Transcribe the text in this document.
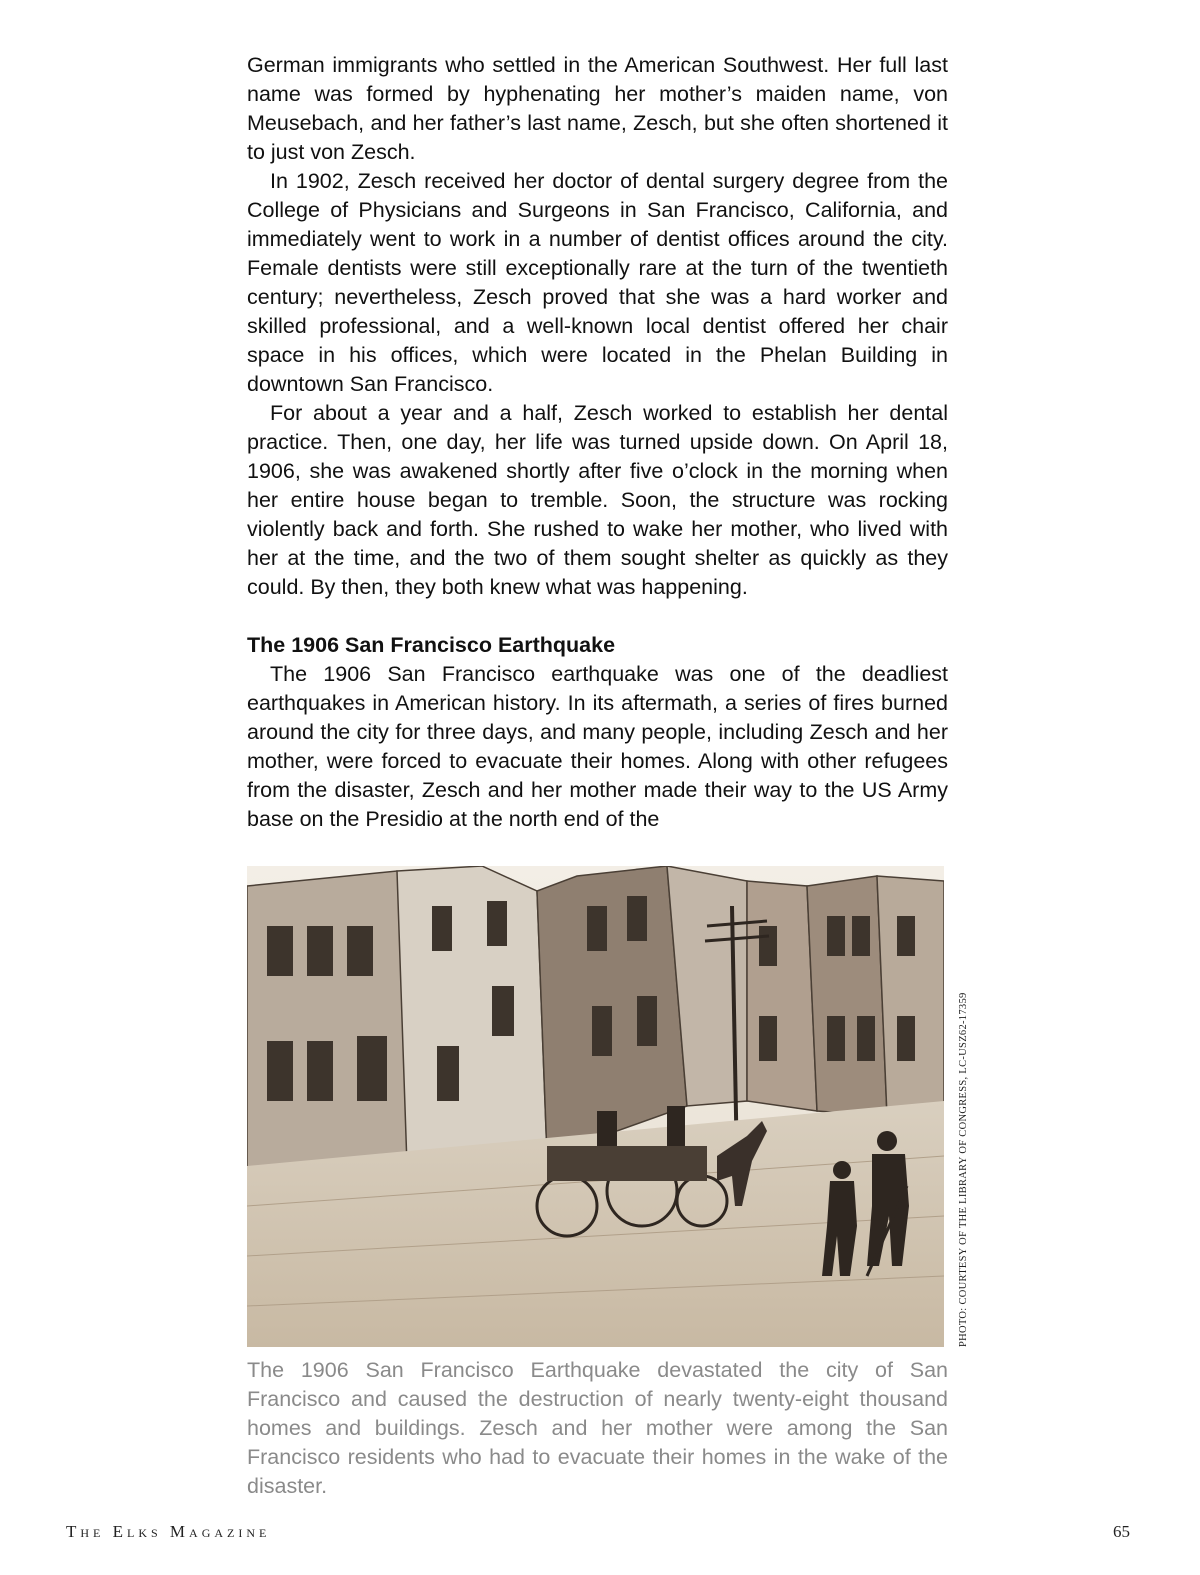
German immigrants who settled in the American Southwest. Her full last name was formed by hyphenating her mother’s maiden name, von Meusebach, and her father’s last name, Zesch, but she often shortened it to just von Zesch.

In 1902, Zesch received her doctor of dental surgery degree from the College of Physicians and Surgeons in San Francisco, California, and immediately went to work in a number of dentist offices around the city. Female dentists were still exceptionally rare at the turn of the twentieth century; nevertheless, Zesch proved that she was a hard worker and skilled professional, and a well-known local dentist offered her chair space in his offices, which were located in the Phelan Building in downtown San Francisco.

For about a year and a half, Zesch worked to establish her dental practice. Then, one day, her life was turned upside down. On April 18, 1906, she was awakened shortly after five o’clock in the morning when her entire house began to tremble. Soon, the structure was rocking violently back and forth. She rushed to wake her mother, who lived with her at the time, and the two of them sought shelter as quickly as they could. By then, they both knew what was happening.

The 1906 San Francisco Earthquake

The 1906 San Francisco earthquake was one of the deadliest earthquakes in American history. In its aftermath, a series of fires burned around the city for three days, and many people, including Zesch and her mother, were forced to evacuate their homes. Along with other refugees from the disaster, Zesch and her mother made their way to the US Army base on the Presidio at the north end of the

PHOTO: COURTESY OF THE LIBRARY OF CONGRESS, LC-USZ62-17359
The 1906 San Francisco Earthquake devastated the city of San Francisco and caused the destruction of nearly twenty-eight thousand homes and buildings. Zesch and her mother were among the San Francisco residents who had to evacuate their homes in the wake of the disaster.
The Elks Magazine	65
